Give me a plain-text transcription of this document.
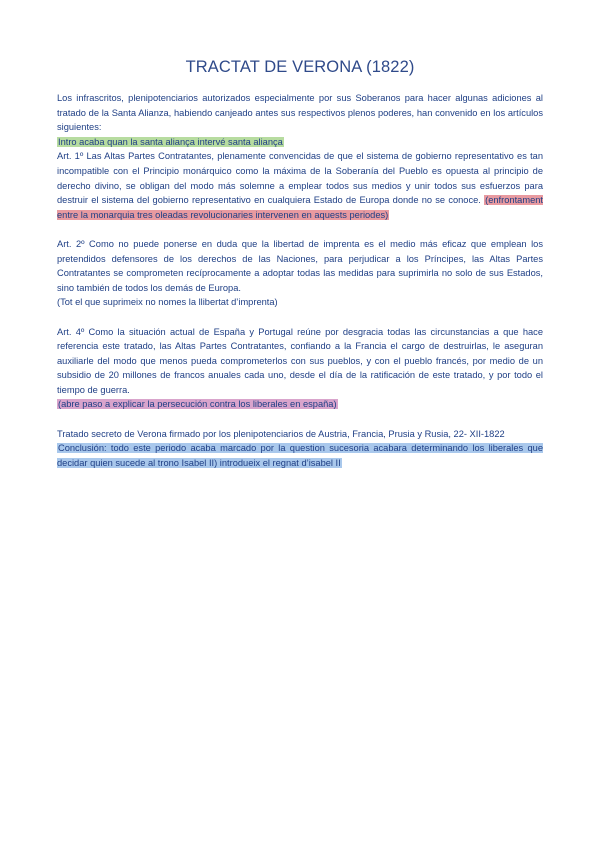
TRACTAT DE VERONA (1822)

Los infrascritos, plenipotenciarios autorizados especialmente por sus Soberanos para hacer algunas adiciones al tratado de la Santa Alianza, habiendo canjeado antes sus respectivos plenos poderes, han convenido en los artículos siguientes:
Intro acaba quan la santa aliança intervé santa aliança

Art. 1º Las Altas Partes Contratantes, plenamente convencidas de que el sistema de gobierno representativo es tan incompatible con el Principio monárquico como la máxima de la Soberanía del Pueblo es opuesta al principio de derecho divino, se obligan del modo más solemne a emplear todos sus medios y unir todos sus esfuerzos para destruir el sistema del gobierno representativo en cualquiera Estado de Europa donde no se conoce. (enfrontament entre la monarquia tres oleadas revolucionaries intervenen en aquests periodes)

Art. 2º Como no puede ponerse en duda que la libertad de imprenta es el medio más eficaz que emplean los pretendidos defensores de los derechos de las Naciones, para perjudicar a los Príncipes, las Altas Partes Contratantes se comprometen recíprocamente a adoptar todas las medidas para suprimirla no solo de sus Estados, sino también de todos los demás de Europa.
(Tot el que suprimeix no nomes la llibertat d’imprenta)

Art. 4º Como la situación actual de España y Portugal reúne por desgracia todas las circunstancias a que hace referencia este tratado, las Altas Partes Contratantes, confiando a la Francia el cargo de destruirlas, le aseguran auxiliarle del modo que menos pueda comprometerlos con sus pueblos, y con el pueblo francés, por medio de un subsidio de 20 millones de francos anuales cada uno, desde el día de la ratificación de este tratado, y por todo el tiempo de guerra.
(abre paso a explicar la persecución contra los liberales en españa)

Tratado secreto de Verona firmado por los plenipotenciarios de Austria, Francia, Prusia y Rusia, 22- XII-1822
Conclusión: todo este periodo acaba marcado por la question sucesoria acabara determinando los liberales que decidar quien sucede al trono Isabel II) introdueix el regnat d’isabel II
